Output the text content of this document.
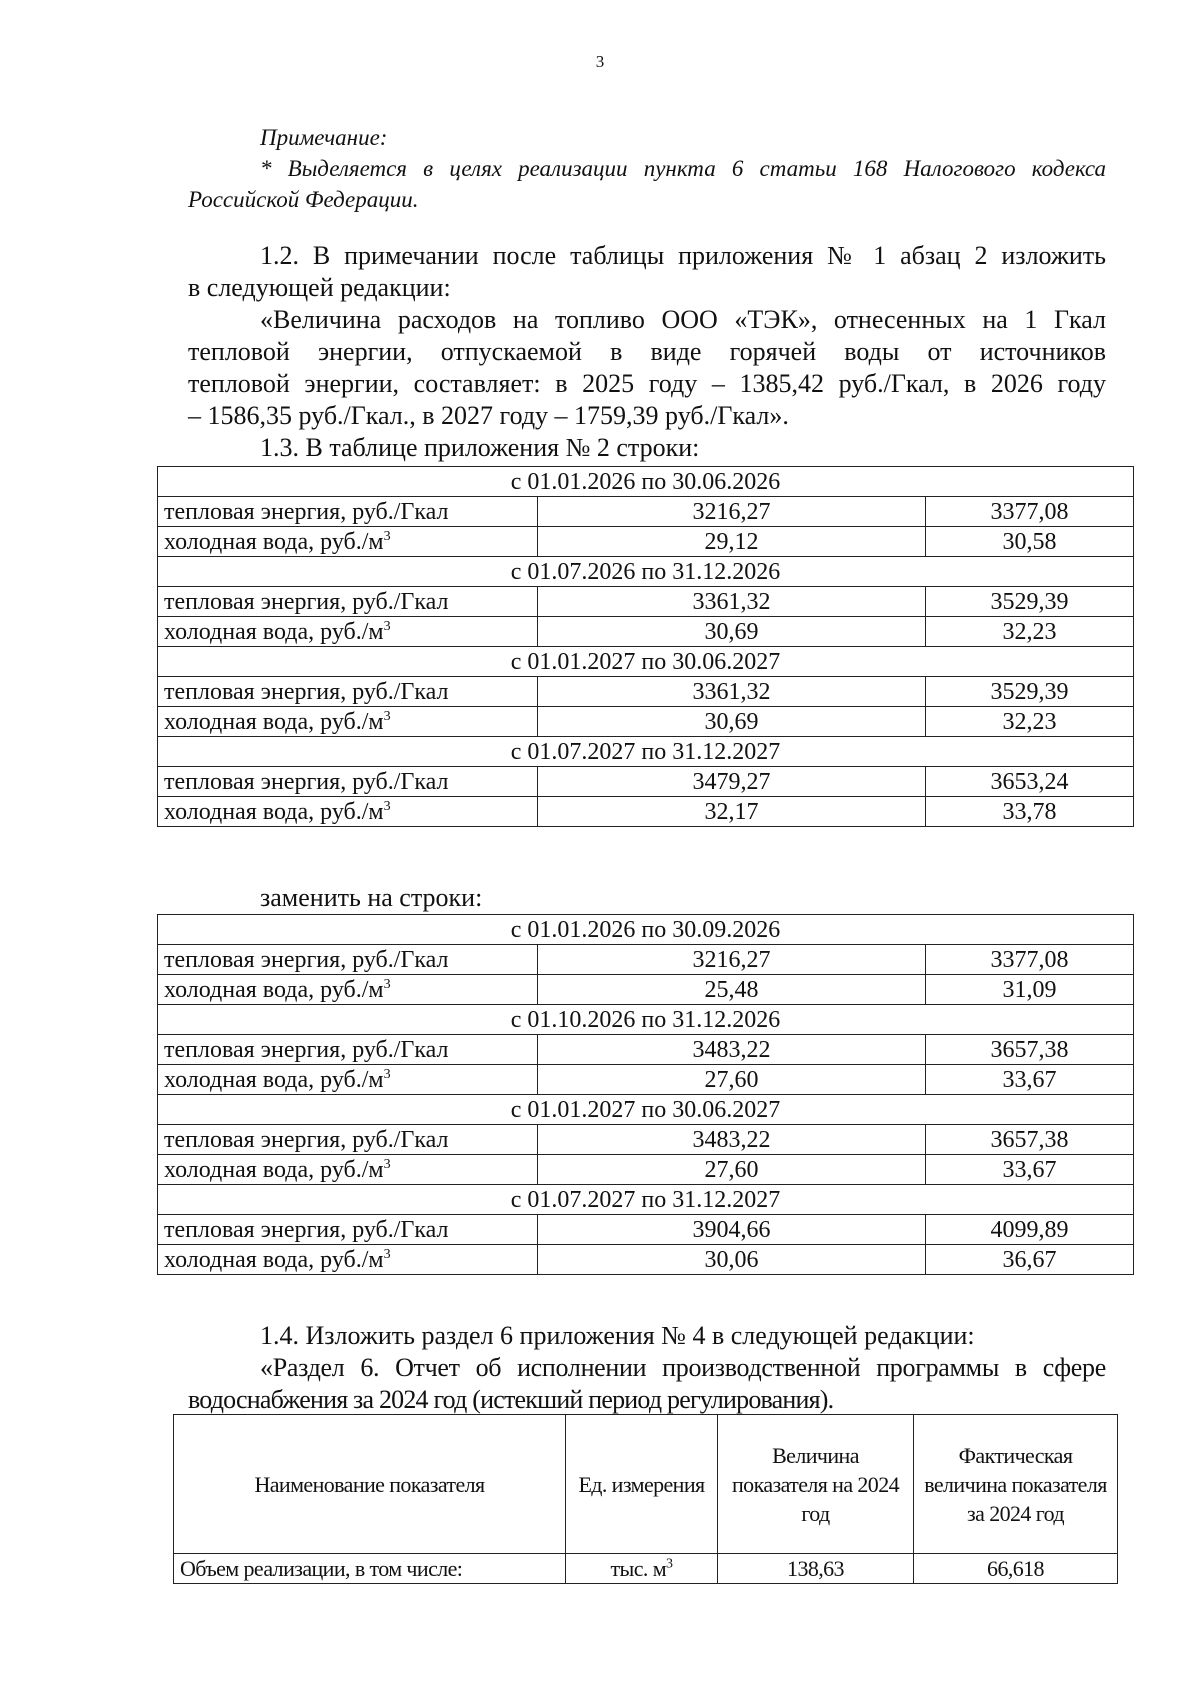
3
Примечание:
* Выделяется в целях реализации пункта 6 статьи 168 Налогового кодекса
Российской Федерации.
1.2. В примечании после таблицы приложения № 1 абзац 2 изложить
в следующей редакции:
«Величина расходов на топливо ООО «ТЭК», отнесенных на 1 Гкал
тепловой энергии, отпускаемой в виде горячей воды от источников
тепловой энергии, составляет: в 2025 году – 1385,42 руб./Гкал, в 2026 году
– 1586,35 руб./Гкал., в 2027 году – 1759,39 руб./Гкал».
1.3. В таблице приложения № 2 строки:
с 01.01.2026 по 30.06.2026		
тепловая энергия, руб./Гкал	3216,27	3377,08
холодная вода, $руб./м^3$	29,12	30,58
с 01.07.2026 по 31.12.2026		
тепловая энергия, руб./Гкал	3361,32	3529,39
холодная вода, $руб./м^3$	30,69	32,23
с 01.01.2027 по 30.06.2027		
тепловая энергия, руб./Гкал	3361,32	3529,39
холодная вода, $руб./м^3$	30,69	32,23
с 01.07.2027 по 31.12.2027		
тепловая энергия, руб./Гкал	3479,27	3653,24
холодная вода, $руб./м^3$	32,17	33,78
заменить на строки:
с 01.01.2026 по 30.09.2026		
тепловая энергия, руб./Гкал	3216,27	3377,08
холодная вода, $руб./м^3$	25,48	31,09
с 01.10.2026 по 31.12.2026		
тепловая энергия, руб./Гкал	3483,22	3657,38
холодная вода, $руб./м^3$	27,60	33,67
с 01.01.2027 по 30.06.2027		
тепловая энергия, руб./Гкал	3483,22	3657,38
холодная вода, $руб./м^3$	27,60	33,67
с 01.07.2027 по 31.12.2027		
тепловая энергия, руб./Гкал	3904,66	4099,89
холодная вода, $руб./м^3$	30,06	36,67
1.4. Изложить раздел 6 приложения № 4 в следующей редакции:
«Раздел 6. Отчет об исполнении производственной программы в сфере
водоснабжения за 2024 год (истекший период регулирования).
Наименование показателя	Ед. измерения	Величина показателя на 2024 год	Фактическая величина показателя за 2024 год
Объем реализации, в том числе:	тыс. $м^3$	138,63	66,618
